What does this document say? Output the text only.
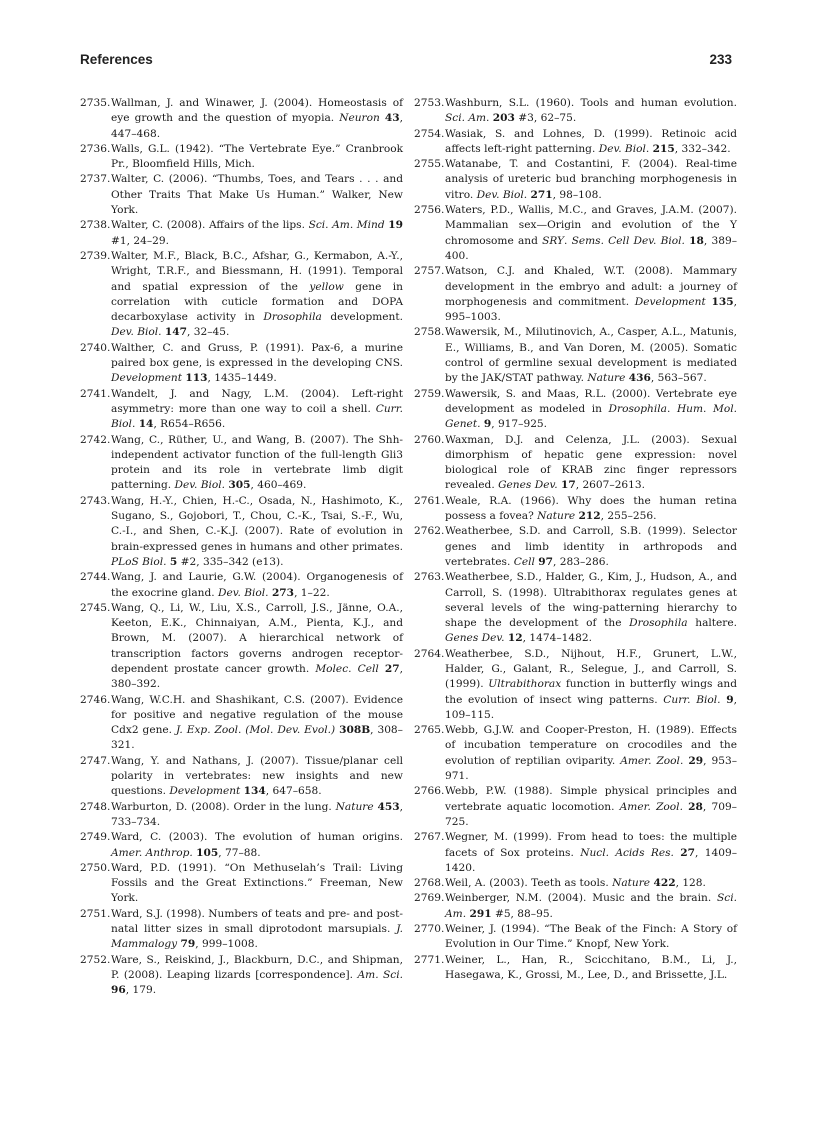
References	233
2735. Wallman, J. and Winawer, J. (2004). Homeostasis of eye growth and the question of myopia. Neuron 43, 447–468.
2736. Walls, G.L. (1942). “The Vertebrate Eye.” Cranbrook Pr., Bloomfield Hills, Mich.
2737. Walter, C. (2006). “Thumbs, Toes, and Tears . . . and Other Traits That Make Us Human.” Walker, New York.
2738. Walter, C. (2008). Affairs of the lips. Sci. Am. Mind 19 #1, 24–29.
2739. Walter, M.F., Black, B.C., Afshar, G., Kermabon, A.-Y., Wright, T.R.F., and Biessmann, H. (1991). Temporal and spatial expression of the yellow gene in correlation with cuticle formation and DOPA decarboxylase activity in Drosophila development. Dev. Biol. 147, 32–45.
2740. Walther, C. and Gruss, P. (1991). Pax-6, a murine paired box gene, is expressed in the developing CNS. Development 113, 1435–1449.
2741. Wandelt, J. and Nagy, L.M. (2004). Left-right asymmetry: more than one way to coil a shell. Curr. Biol. 14, R654–R656.
2742. Wang, C., Rüther, U., and Wang, B. (2007). The Shh-independent activator function of the full-length Gli3 protein and its role in vertebrate limb digit patterning. Dev. Biol. 305, 460–469.
2743. Wang, H.-Y., Chien, H.-C., Osada, N., Hashimoto, K., Sugano, S., Gojobori, T., Chou, C.-K., Tsai, S.-F., Wu, C.-I., and Shen, C.-K.J. (2007). Rate of evolution in brain-expressed genes in humans and other primates. PLoS Biol. 5 #2, 335–342 (e13).
2744. Wang, J. and Laurie, G.W. (2004). Organogenesis of the exocrine gland. Dev. Biol. 273, 1–22.
2745. Wang, Q., Li, W., Liu, X.S., Carroll, J.S., Jänne, O.A., Keeton, E.K., Chinnaiyan, A.M., Pienta, K.J., and Brown, M. (2007). A hierarchical network of transcription factors governs androgen receptor-dependent prostate cancer growth. Molec. Cell 27, 380–392.
2746. Wang, W.C.H. and Shashikant, C.S. (2007). Evidence for positive and negative regulation of the mouse Cdx2 gene. J. Exp. Zool. (Mol. Dev. Evol.) 308B, 308–321.
2747. Wang, Y. and Nathans, J. (2007). Tissue/planar cell polarity in vertebrates: new insights and new questions. Development 134, 647–658.
2748. Warburton, D. (2008). Order in the lung. Nature 453, 733–734.
2749. Ward, C. (2003). The evolution of human origins. Amer. Anthrop. 105, 77–88.
2750. Ward, P.D. (1991). “On Methuselah’s Trail: Living Fossils and the Great Extinctions.” Freeman, New York.
2751. Ward, S.J. (1998). Numbers of teats and pre- and post-natal litter sizes in small diprotodont marsupials. J. Mammalogy 79, 999–1008.
2752. Ware, S., Reiskind, J., Blackburn, D.C., and Shipman, P. (2008). Leaping lizards [correspondence]. Am. Sci. 96, 179.
2753. Washburn, S.L. (1960). Tools and human evolution. Sci. Am. 203 #3, 62–75.
2754. Wasiak, S. and Lohnes, D. (1999). Retinoic acid affects left-right patterning. Dev. Biol. 215, 332–342.
2755. Watanabe, T. and Costantini, F. (2004). Real-time analysis of ureteric bud branching morphogenesis in vitro. Dev. Biol. 271, 98–108.
2756. Waters, P.D., Wallis, M.C., and Graves, J.A.M. (2007). Mammalian sex—Origin and evolution of the Y chromosome and SRY. Sems. Cell Dev. Biol. 18, 389–400.
2757. Watson, C.J. and Khaled, W.T. (2008). Mammary development in the embryo and adult: a journey of morphogenesis and commitment. Development 135, 995–1003.
2758. Wawersik, M., Milutinovich, A., Casper, A.L., Matunis, E., Williams, B., and Van Doren, M. (2005). Somatic control of germline sexual development is mediated by the JAK/STAT pathway. Nature 436, 563–567.
2759. Wawersik, S. and Maas, R.L. (2000). Vertebrate eye development as modeled in Drosophila. Hum. Mol. Genet. 9, 917–925.
2760. Waxman, D.J. and Celenza, J.L. (2003). Sexual dimorphism of hepatic gene expression: novel biological role of KRAB zinc finger repressors revealed. Genes Dev. 17, 2607–2613.
2761. Weale, R.A. (1966). Why does the human retina possess a fovea? Nature 212, 255–256.
2762. Weatherbee, S.D. and Carroll, S.B. (1999). Selector genes and limb identity in arthropods and vertebrates. Cell 97, 283–286.
2763. Weatherbee, S.D., Halder, G., Kim, J., Hudson, A., and Carroll, S. (1998). Ultrabithorax regulates genes at several levels of the wing-patterning hierarchy to shape the development of the Drosophila haltere. Genes Dev. 12, 1474–1482.
2764. Weatherbee, S.D., Nijhout, H.F., Grunert, L.W., Halder, G., Galant, R., Selegue, J., and Carroll, S. (1999). Ultrabithorax function in butterfly wings and the evolution of insect wing patterns. Curr. Biol. 9, 109–115.
2765. Webb, G.J.W. and Cooper-Preston, H. (1989). Effects of incubation temperature on crocodiles and the evolution of reptilian oviparity. Amer. Zool. 29, 953–971.
2766. Webb, P.W. (1988). Simple physical principles and vertebrate aquatic locomotion. Amer. Zool. 28, 709–725.
2767. Wegner, M. (1999). From head to toes: the multiple facets of Sox proteins. Nucl. Acids Res. 27, 1409–1420.
2768. Weil, A. (2003). Teeth as tools. Nature 422, 128.
2769. Weinberger, N.M. (2004). Music and the brain. Sci. Am. 291 #5, 88–95.
2770. Weiner, J. (1994). “The Beak of the Finch: A Story of Evolution in Our Time.” Knopf, New York.
2771. Weiner, L., Han, R., Scicchitano, B.M., Li, J., Hasegawa, K., Grossi, M., Lee, D., and Brissette, J.L.
